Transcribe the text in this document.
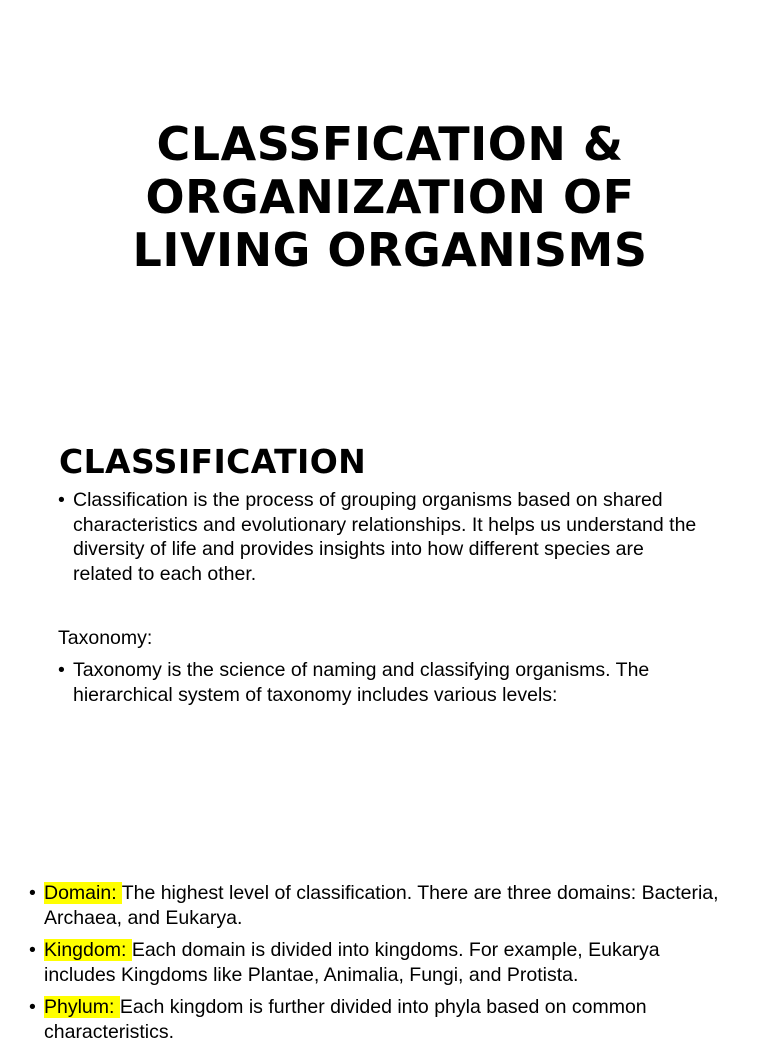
CLASSFICATION &
ORGANIZATION OF
LIVING ORGANISMS
CLASSIFICATION
• Classification is the process of grouping organisms based on shared characteristics and evolutionary relationships. It helps us understand the diversity of life and provides insights into how different species are related to each other.
Taxonomy:
• Taxonomy is the science of naming and classifying organisms. The hierarchical system of taxonomy includes various levels:
• Domain: The highest level of classification. There are three domains: Bacteria, Archaea, and Eukarya.
• Kingdom: Each domain is divided into kingdoms. For example, Eukarya includes Kingdoms like Plantae, Animalia, Fungi, and Protista.
• Phylum: Each kingdom is further divided into phyla based on common characteristics.
